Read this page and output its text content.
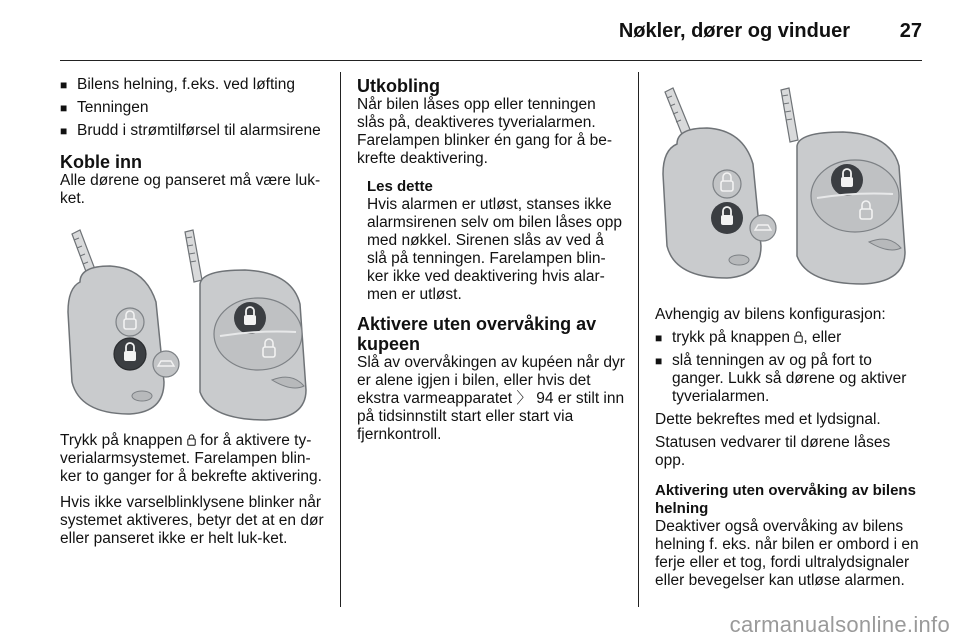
Nøkler, dører og vinduer 27
■ Bilens helning, f.eks. ved løfting
■ Tenningen
■ Brudd i strømtilførsel til alarmsirene
Koble inn

Alle dørene og panseret må være luk-ket.

Trykk på knappen for å aktivere ty-verialarmsystemet. Farelampen blin-ker to ganger for å bekrefte aktivering.

Hvis ikke varselblinklysene blinker når systemet aktiveres, betyr det at en dør eller panseret ikke er helt luk-ket.

Utkobling

Når bilen låses opp eller tenningen slås på, deaktiveres tyverialarmen. Farelampen blinker én gang for å be-krefte deaktivering.

Les dette

Hvis alarmen er utløst, stanses ikke alarmsirenen selv om bilen låses opp med nøkkel. Sirenen slås av ved å slå på tenningen. Farelampen blin-ker ikke ved deaktivering hvis alar-men er utløst.

Aktivere uten overvåking av kupeen

Slå av overvåkingen av kupéen når dyr er alene igjen i bilen, eller hvis det ekstra varmeapparatet 〉 94 er stilt inn på tidsinnstilt start eller start via fjernkontroll.

Avhengig av bilens konfigurasjon:

■ trykk på knappen , eller
■ slå tenningen av og på fort to ganger. Lukk så dørene og aktiver tyverialarmen.

Dette bekreftes med et lydsignal.

Statusen vedvarer til dørene låses opp.

Aktivering uten overvåking av bilens helning

Deaktiver også overvåking av bilens helning f. eks. når bilen er ombord i en ferje eller et tog, fordi ultralydsignaler eller bevegelser kan utløse alarmen.

carmanualsonline.info
